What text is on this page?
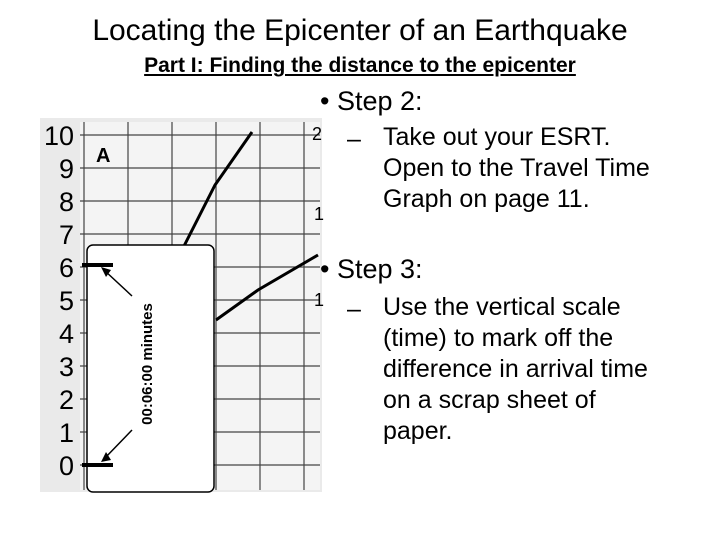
Locating the Epicenter of an Earthquake
Part I: Finding the distance to the epicenter
10
9
8
7
6
5
4
3
2
1
0
A
2
1
1
00:06:00 minutes
• Step 2:
– Take out your ESRT. Open to the Travel Time Graph on page 11.
• Step 3:
– Use the vertical scale (time) to mark off the difference in arrival time on a scrap sheet of paper.
